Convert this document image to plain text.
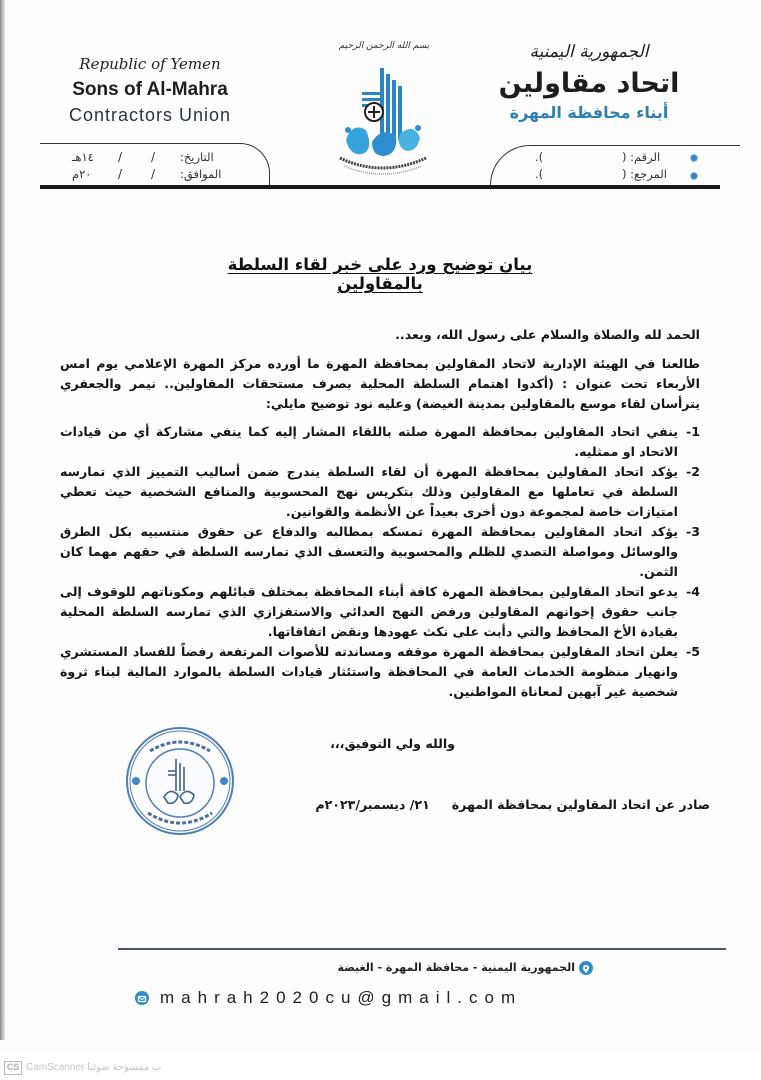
Republic of Yemen
Sons of Al-Mahra
Contractors Union
بسم الله الرحمن الرحيم	الجمهورية اليمنية
اتحاد مقاولين
أبناء محافظة المهرة
التاريخ:
الموافق:
/
/
/
/
١٤هـ
٢٠م
الرقم: (
المرجع: (
).
).
بيان توضيح ورد على خبر لقاء السلطة بالمقاولين

الحمد لله والصلاة والسلام على رسول الله، وبعد..

طالعنا في الهيئة الإدارية لاتحاد المقاولين بمحافظة المهرة ما أورده مركز المهرة الإعلامي يوم امس الأربعاء تحت عنوان : (أكدوا اهتمام السلطة المحلية بصرف مستحقات المقاولين.. نيمر والجعفري يترأسان لقاء موسع بالمقاولين بمدينة الغيضة) وعليه نود توضيح مايلي:

-1
ينفي اتحاد المقاولين بمحافظة المهرة صلته باللقاء المشار إليه كما ينفي مشاركة أي من قيادات الاتحاد او ممثليه.
-2
يؤكد اتحاد المقاولين بمحافظة المهرة أن لقاء السلطة يندرج ضمن أساليب التمييز الذي تمارسه السلطة في تعاملها مع المقاولين وذلك بتكريس نهج المحسوبية والمنافع الشخصية حيث تعطي امتيازات خاصة لمجموعة دون أخرى بعيداً عن الأنظمة والقوانين.
-3
يؤكد اتحاد المقاولين بمحافظة المهرة تمسكه بمطالبه والدفاع عن حقوق منتسبيه بكل الطرق والوسائل ومواصلة التصدي للظلم والمحسوبية والتعسف الذي تمارسه السلطة في حقهم مهما كان الثمن.
-4
يدعو اتحاد المقاولين بمحافظة المهرة كافة أبناء المحافظة بمختلف قبائلهم ومكوناتهم للوقوف إلى جانب حقوق إخوانهم المقاولين ورفض النهج العدائي والاستفزازي الذي تمارسه السلطة المحلية بقيادة الأخ المحافظ والتي دأبت على نكث عهودها ونقض اتفاقاتها.
-5
يعلن اتحاد المقاولين بمحافظة المهرة موقفه ومساندته للأصوات المرتفعة رفضاً للفساد المستشري وانهيار منظومة الخدمات العامة في المحافظة واستئثار قيادات السلطة بالموارد المالية لبناء ثروة شخصية غير آبهين لمعاناة المواطنين.
والله ولي التوفيق،،،
صادر عن اتحاد المقاولين بمحافظة المهرة     ٢١/ ديسمبر/٢٠٢٣م
الجمهورية اليمنية - محافظة المهرة - الغيضة
mahrah2020cu@gmail.com
CS CamScanner ب ممسوحة ضوئيا
